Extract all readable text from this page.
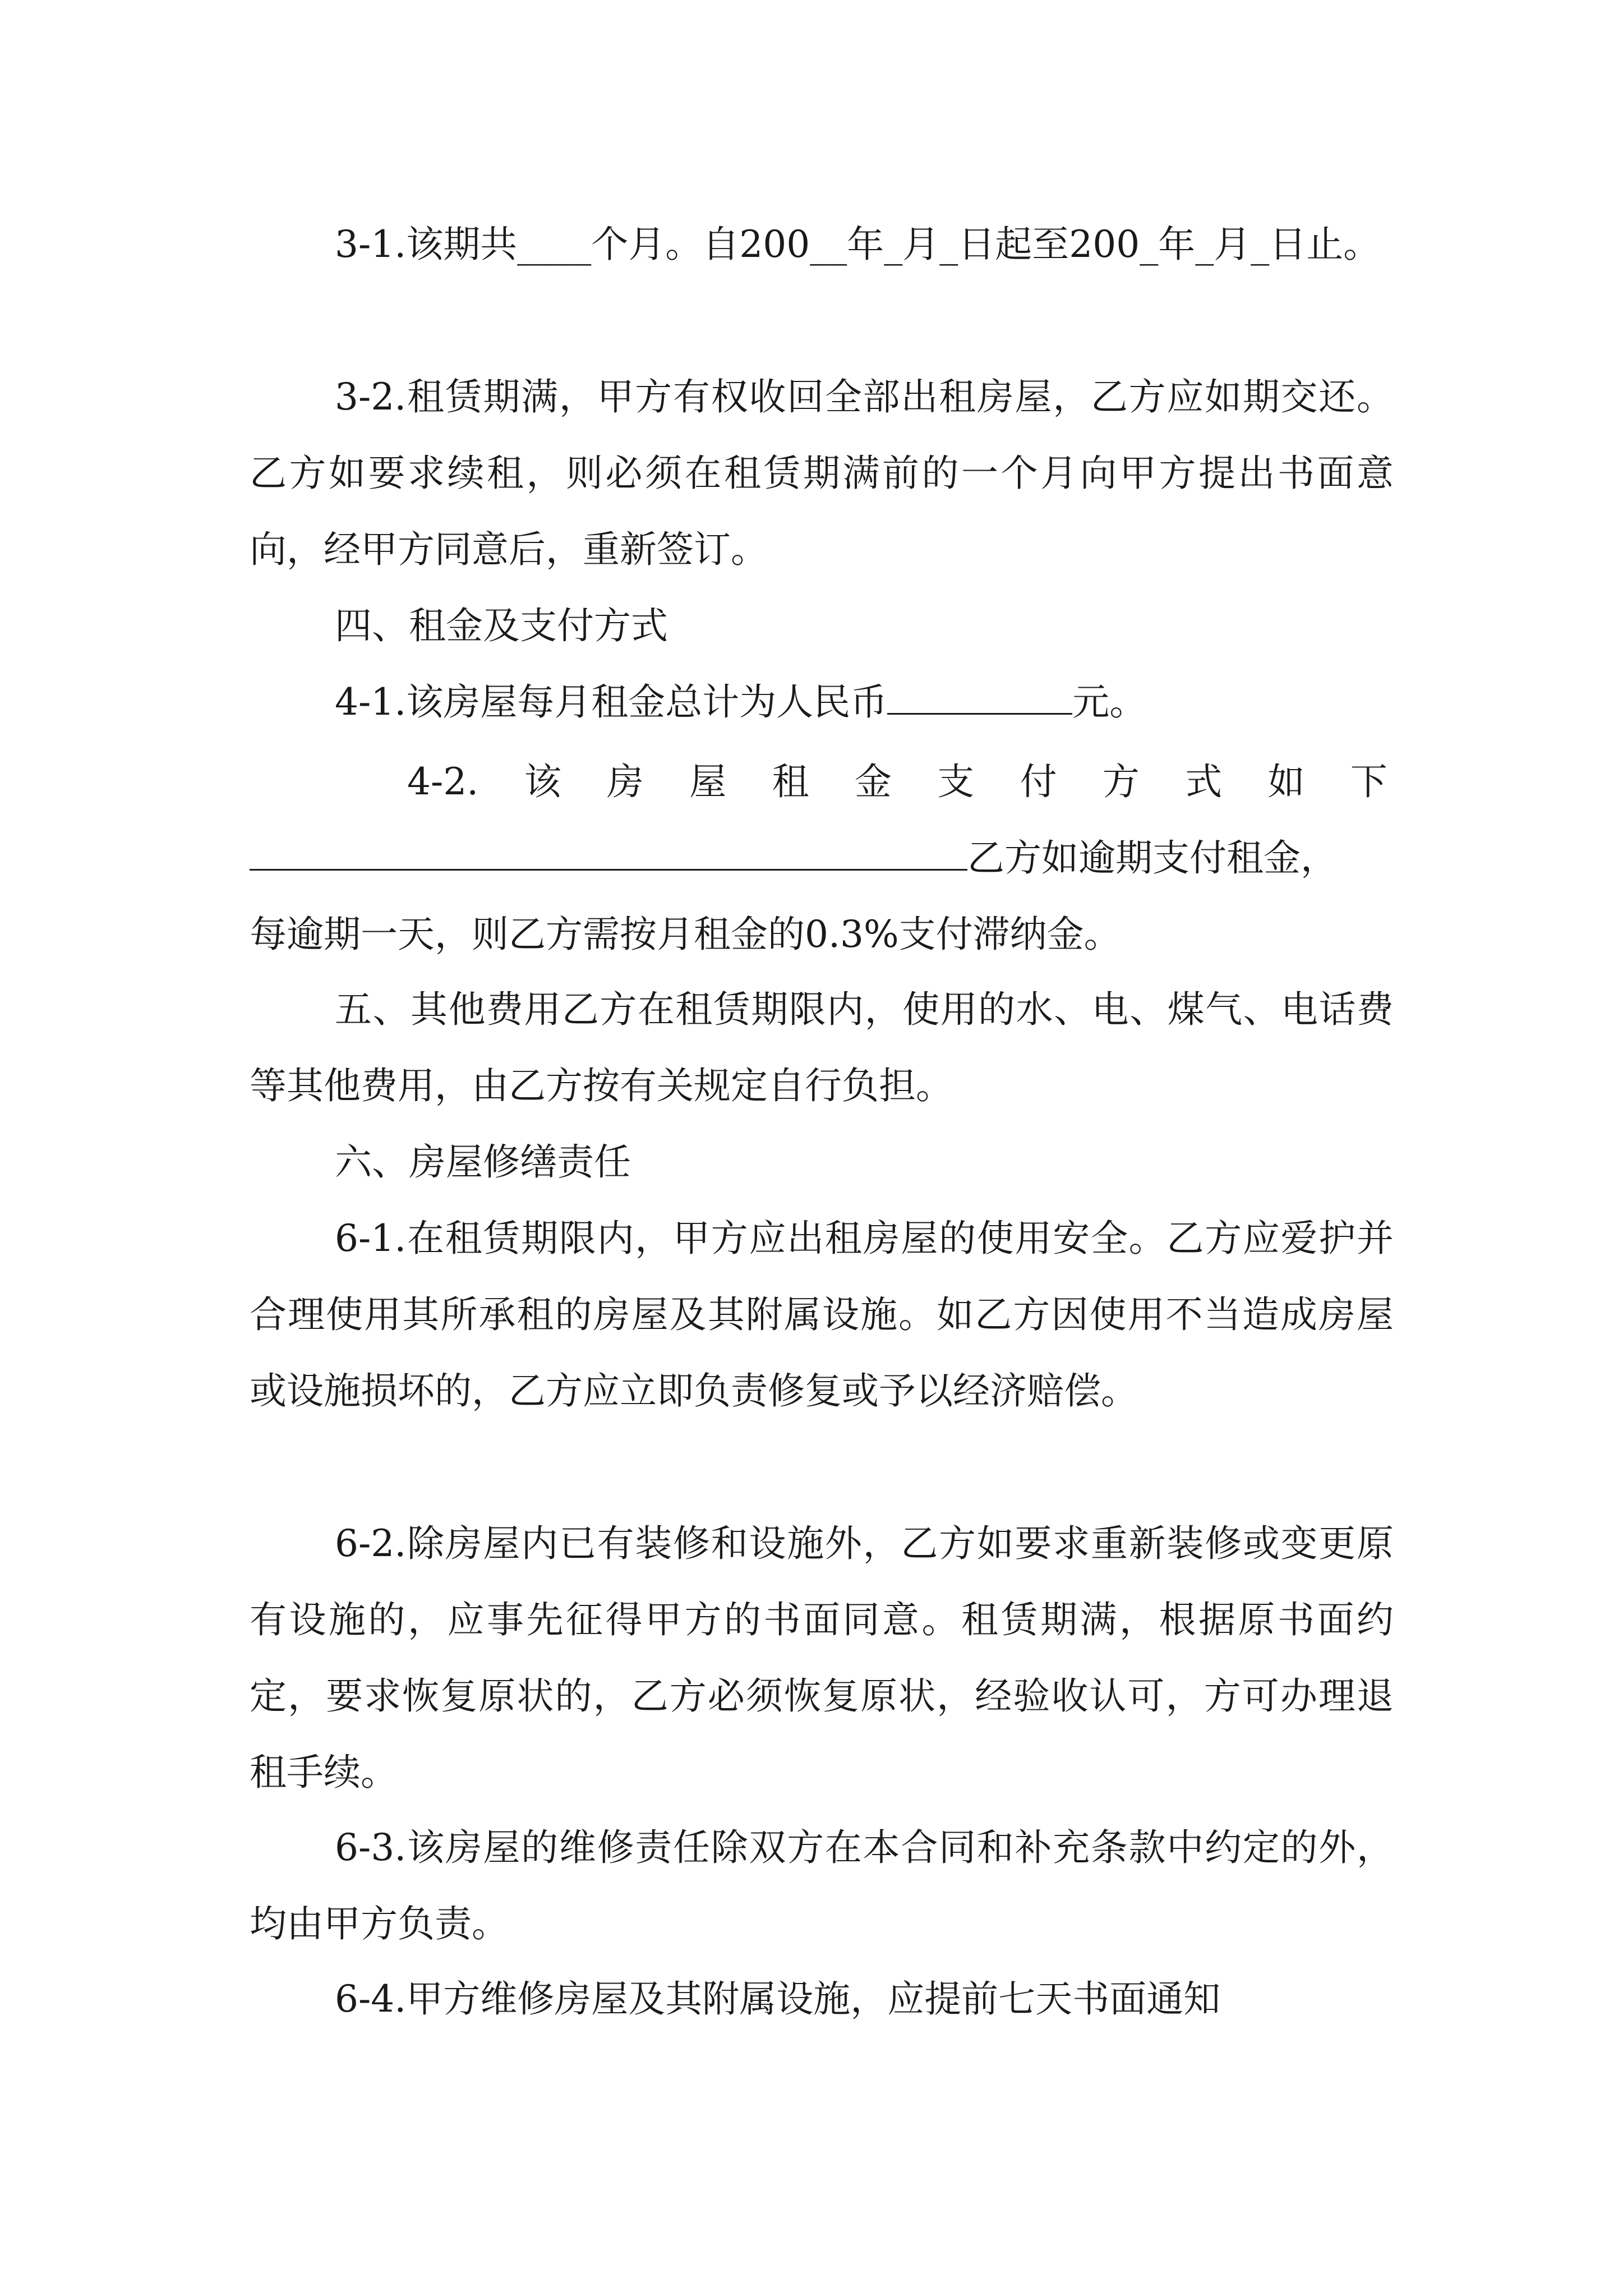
3-1.该期共____个月。自200__年_月_日起至200_年_月_日止。

3-2.租赁期满，甲方有权收回全部出租房屋，乙方应如期交还。乙方如要求续租，则必须在租赁期满前的一个月向甲方提出书面意向，经甲方同意后，重新签订。

四、租金及支付方式

4-1.该房屋每月租金总计为人民币	元。

4-2. 该 房 屋 租 金 支 付 方 式 如 下

乙方如逾期支付租金，

每逾期一天，则乙方需按月租金的0.3%支付滞纳金。

五、其他费用乙方在租赁期限内，使用的水、电、煤气、电话费等其他费用，由乙方按有关规定自行负担。

六、房屋修缮责任

6-1.在租赁期限内，甲方应出租房屋的使用安全。乙方应爱护并合理使用其所承租的房屋及其附属设施。如乙方因使用不当造成房屋或设施损坏的，乙方应立即负责修复或予以经济赔偿。

6-2.除房屋内已有装修和设施外，乙方如要求重新装修或变更原有设施的，应事先征得甲方的书面同意。租赁期满，根据原书面约定，要求恢复原状的，乙方必须恢复原状，经验收认可，方可办理退租手续。

6-3.该房屋的维修责任除双方在本合同和补充条款中约定的外，均由甲方负责。

6-4.甲方维修房屋及其附属设施，应提前七天书面通知
